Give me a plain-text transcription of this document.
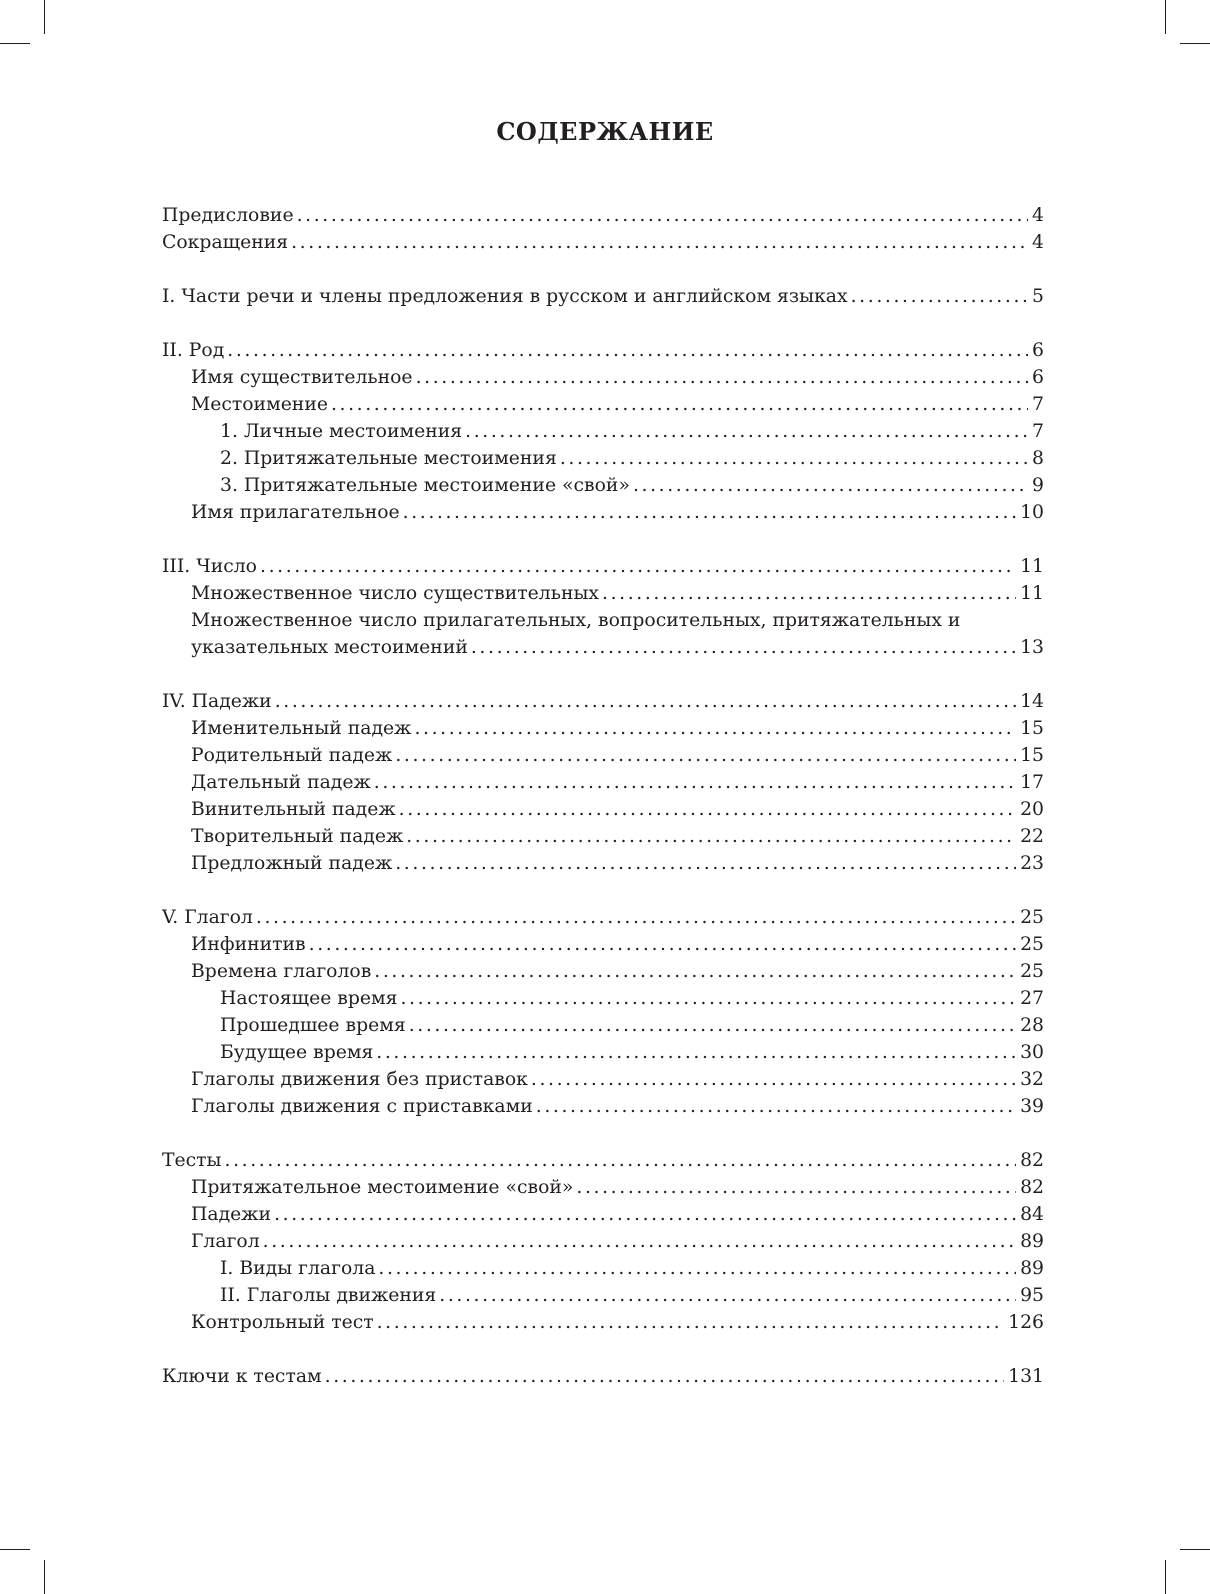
СОДЕРЖАНИЕ
Предисловие .....	4
Сокращения .....	4
I. Части речи и члены предложения в русском и английском языках .....	5
II. Род .....	6
Имя существительное .....	6
Местоимение .....	7
1. Личные местоимения .....	7
2. Притяжательные местоимения .....	8
3. Притяжательные местоимение «свой» .....	9
Имя прилагательное .....	10
III. Число .....	11
Множественное число существительных .....	11
Множественное число прилагательных, вопросительных, притяжательных и
указательных местоимений .....	13
IV. Падежи .....	14
Именительный падеж .....	15
Родительный падеж .....	15
Дательный падеж .....	17
Винительный падеж .....	20
Творительный падеж .....	22
Предложный падеж .....	23
V. Глагол .....	25
Инфинитив .....	25
Времена глаголов .....	25
Настоящее время .....	27
Прошедшее время .....	28
Будущее время .....	30
Глаголы движения без приставок .....	32
Глаголы движения с приставками .....	39
Тесты .....	82
Притяжательное местоимение «свой» .....	82
Падежи .....	84
Глагол .....	89
I. Виды глагола .....	89
II. Глаголы движения .....	95
Контрольный тест .....	126
Ключи к тестам .....	131
